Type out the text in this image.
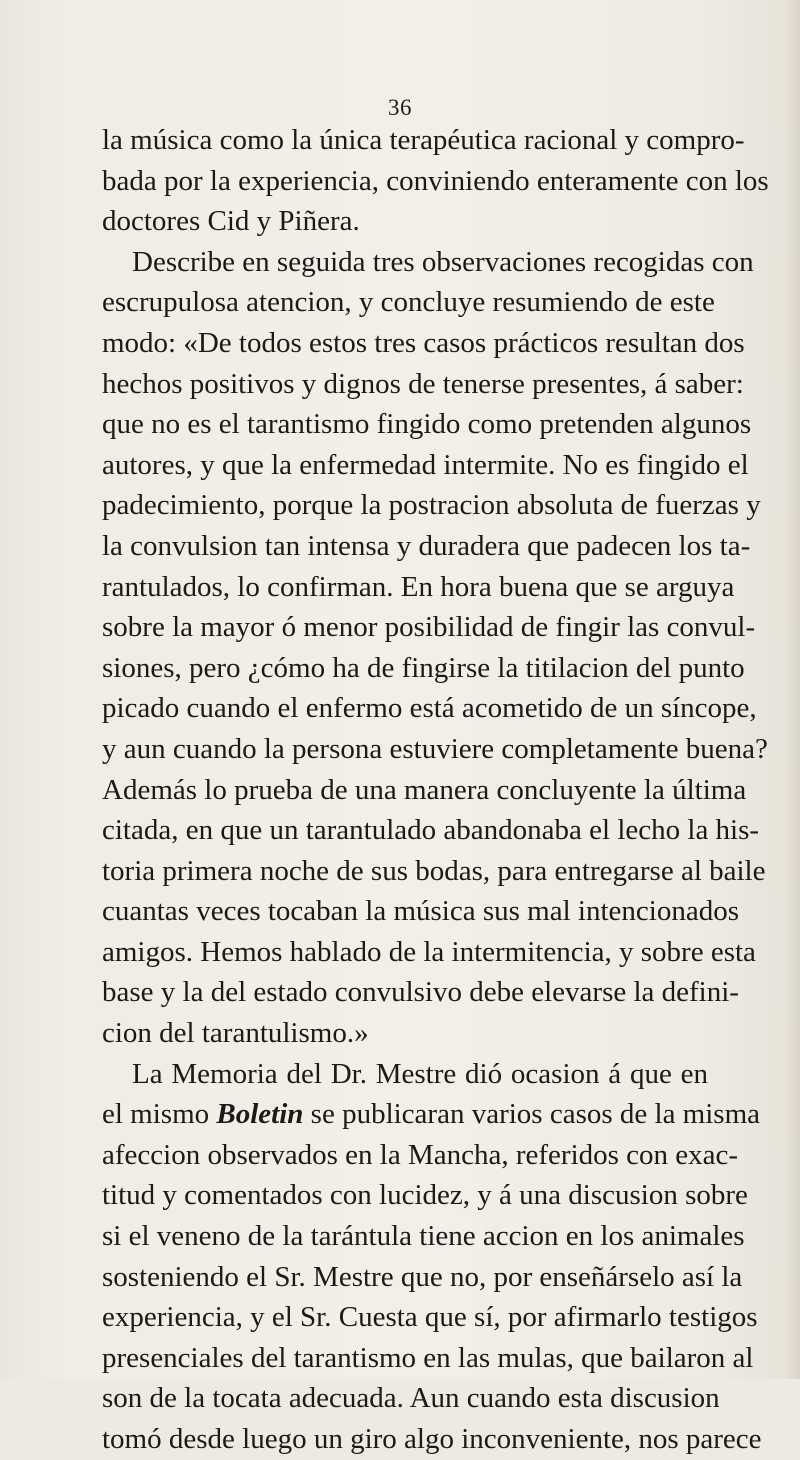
36
la música como la única terapéutica racional y compro-
bada por la experiencia, conviniendo enteramente con los
doctores Cid y Piñera.
Describe en seguida tres observaciones recogidas con
escrupulosa atencion, y concluye resumiendo de este
modo: «De todos estos tres casos prácticos resultan dos
hechos positivos y dignos de tenerse presentes, á saber:
que no es el tarantismo fingido como pretenden algunos
autores, y que la enfermedad intermite. No es fingido el
padecimiento, porque la postracion absoluta de fuerzas y
la convulsion tan intensa y duradera que padecen los ta-
rantulados, lo confirman. En hora buena que se arguya
sobre la mayor ó menor posibilidad de fingir las convul-
siones, pero ¿cómo ha de fingirse la titilacion del punto
picado cuando el enfermo está acometido de un síncope,
y aun cuando la persona estuviere completamente buena?
Además lo prueba de una manera concluyente la última
citada, en que un tarantulado abandonaba el lecho la his-
toria primera noche de sus bodas, para entregarse al baile
cuantas veces tocaban la música sus mal intencionados
amigos. Hemos hablado de la intermitencia, y sobre esta
base y la del estado convulsivo debe elevarse la defini-
cion del tarantulismo.»
La Memoria del Dr. Mestre dió ocasion á que en
el mismo Boletin se publicaran varios casos de la misma
afeccion observados en la Mancha, referidos con exac-
titud y comentados con lucidez, y á una discusion sobre
si el veneno de la tarántula tiene accion en los animales
sosteniendo el Sr. Mestre que no, por enseñárselo así la
experiencia, y el Sr. Cuesta que sí, por afirmarlo testigos
presenciales del tarantismo en las mulas, que bailaron al
son de la tocata adecuada. Aun cuando esta discusion
tomó desde luego un giro algo inconveniente, nos parece
